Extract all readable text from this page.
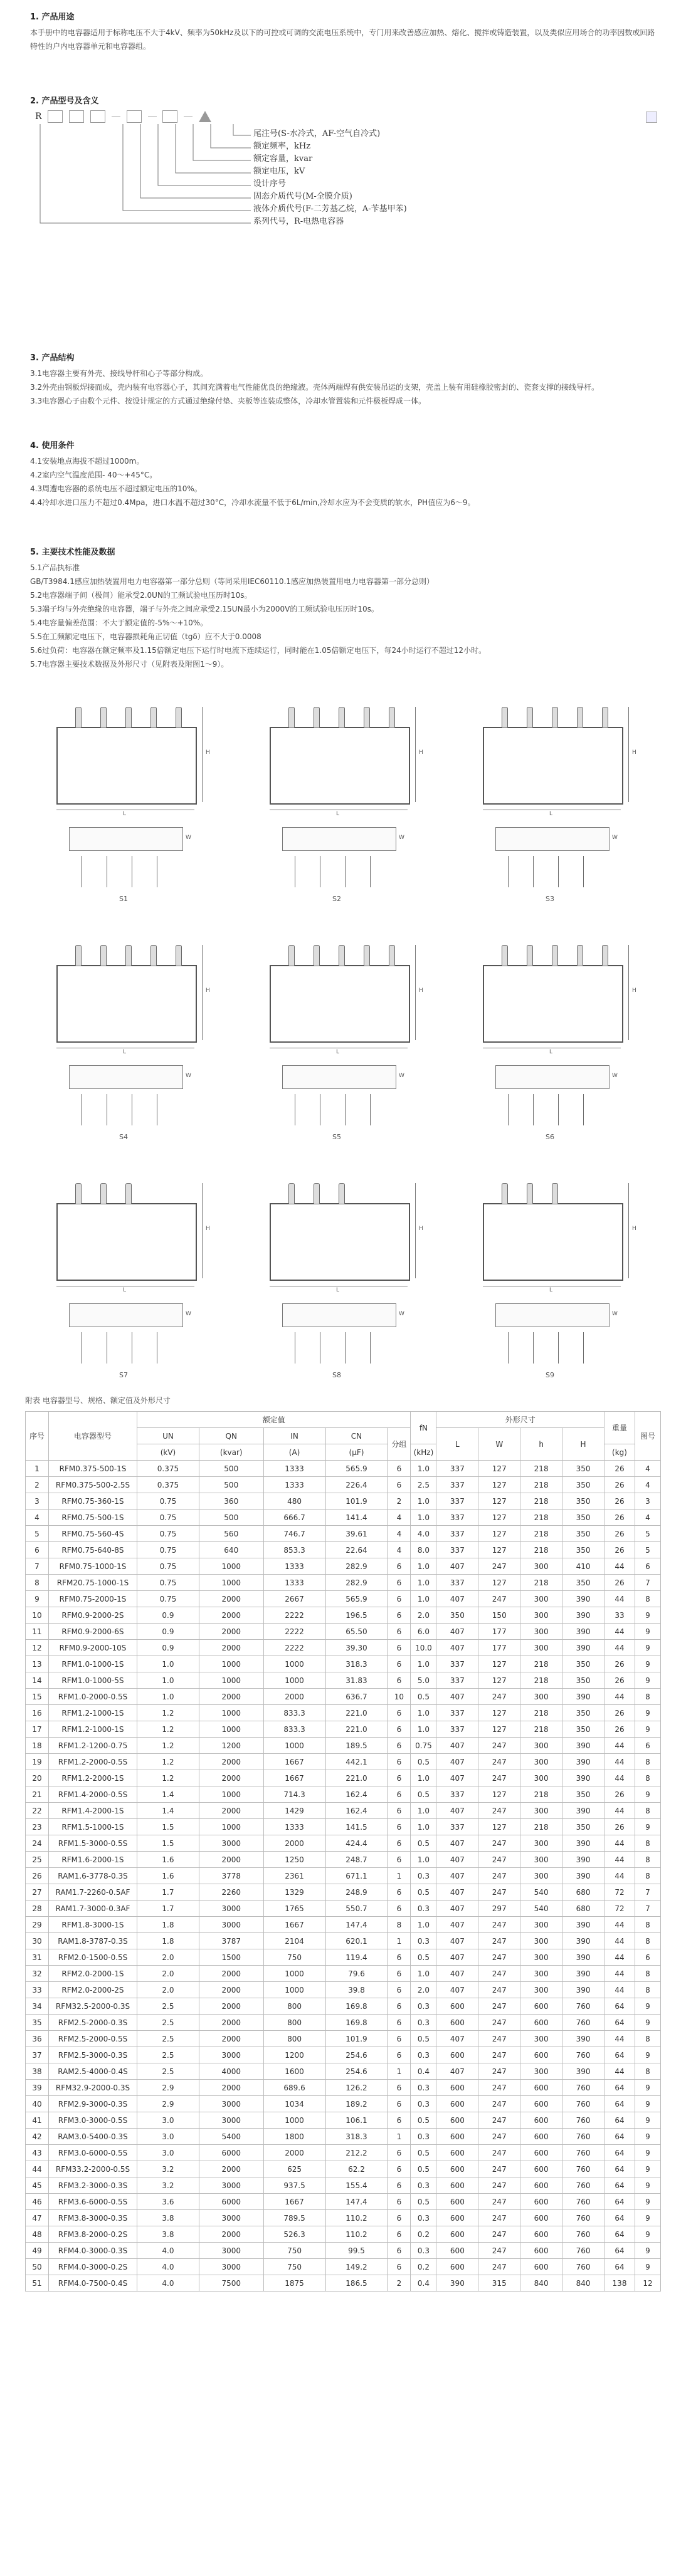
1. 产品用途

本手册中的电容器适用于标称电压不大于4kV、频率为50kHz及以下的可控或可调的交流电压系统中，专门用来改善感应加热、熔化、搅拌或铸造装置，以及类似应用场合的功率因数或回路特性的户内电容器单元和电容器组。

2. 产品型号及含义

R
尾注号(S-水冷式，AF-空气自冷式)
额定频率，kHz
额定容量，kvar
额定电压，kV
设计序号
固态介质代号(M-全膜介质)
液体介质代号(F-二芳基乙烷，A-苄基甲苯)
系列代号，R-电热电容器

3. 产品结构

3.1电容器主要有外壳、接线导杆和心子等部分构成。

3.2外壳由钢板焊接而成，壳内装有电容器心子，其间充满着电气性能优良的绝缘液。壳体两端焊有供安装吊运的支架，壳盖上装有用硅橡胶密封的、瓷套支撑的接线导杆。

3.3电容器心子由数个元件、按设计规定的方式通过绝缘付垫、夹板等连装成整体，冷却水管置装和元件极板焊成一体。

4. 使用条件

4.1安装地点海拔不超过1000m。

4.2室内空气温度范围- 40～+45°C。

4.3周遭电容器的系统电压不超过额定电压的10%。

4.4冷却水进口压力不超过0.4Mpa，进口水温不超过30°C，冷却水流量不低于6L/min,冷却水应为不会变质的软水，PH值应为6～9。

5. 主要技术性能及数据

5.1产品执标准

GB/T3984.1感应加热装置用电力电容器第一部分总则（等同采用IEC60110.1感应加热装置用电力电容器第一部分总则）

5.2电容器端子间（极间）能承受2.0UN的工频试验电压历时10s。

5.3端子均与外壳绝缘的电容器，端子与外壳之间应承受2.15UN最小为2000V的工频试验电压历时10s。

5.4电容量偏差范围：不大于额定值的-5%～+10%。

5.5在工频额定电压下，电容器损耗角正切值（tgδ）应不大于0.0008

5.6过负荷：电容器在额定频率及1.15倍额定电压下运行时电流下连续运行，同时能在1.05倍额定电压下，每24小时运行不超过12小时。

5.7电容器主要技术数据及外形尺寸（见附表及附图1～9）。

L
H
W
S1
L
H
W
S2
L
H
W
S3
L
H
W
S4
L
H
W
S5
L
H
W
S6
L
H
W
S7
L
H
W
S8
L
H
W
S9
附表 电容器型号、规格、额定值及外形尺寸
序号	电容器型号	额定值					fN	外形尺寸				重量	图号
		UN	QN	IN	CN	分组		L	W	h	H		
		(kV)	(kvar)	(A)	(μF)		(kHz)					(kg)	
1	RFM0.375-500-1S	0.375	500	1333	565.9	6	1.0	337	127	218	350	26	4
2	RFM0.375-500-2.5S	0.375	500	1333	226.4	6	2.5	337	127	218	350	26	4
3	RFM0.75-360-1S	0.75	360	480	101.9	2	1.0	337	127	218	350	26	3
4	RFM0.75-500-1S	0.75	500	666.7	141.4	4	1.0	337	127	218	350	26	4
5	RFM0.75-560-4S	0.75	560	746.7	39.61	4	4.0	337	127	218	350	26	5
6	RFM0.75-640-8S	0.75	640	853.3	22.64	4	8.0	337	127	218	350	26	5
7	RFM0.75-1000-1S	0.75	1000	1333	282.9	6	1.0	407	247	300	410	44	6
8	RFM20.75-1000-1S	0.75	1000	1333	282.9	6	1.0	337	127	218	350	26	7
9	RFM0.75-2000-1S	0.75	2000	2667	565.9	6	1.0	407	247	300	390	44	8
10	RFM0.9-2000-2S	0.9	2000	2222	196.5	6	2.0	350	150	300	390	33	9
11	RFM0.9-2000-6S	0.9	2000	2222	65.50	6	6.0	407	177	300	390	44	9
12	RFM0.9-2000-10S	0.9	2000	2222	39.30	6	10.0	407	177	300	390	44	9
13	RFM1.0-1000-1S	1.0	1000	1000	318.3	6	1.0	337	127	218	350	26	9
14	RFM1.0-1000-5S	1.0	1000	1000	31.83	6	5.0	337	127	218	350	26	9
15	RFM1.0-2000-0.5S	1.0	2000	2000	636.7	10	0.5	407	247	300	390	44	8
16	RFM1.2-1000-1S	1.2	1000	833.3	221.0	6	1.0	337	127	218	350	26	9
17	RFM1.2-1000-1S	1.2	1000	833.3	221.0	6	1.0	337	127	218	350	26	9
18	RFM1.2-1200-0.75	1.2	1200	1000	189.5	6	0.75	407	247	300	390	44	6
19	RFM1.2-2000-0.5S	1.2	2000	1667	442.1	6	0.5	407	247	300	390	44	8
20	RFM1.2-2000-1S	1.2	2000	1667	221.0	6	1.0	407	247	300	390	44	8
21	RFM1.4-2000-0.5S	1.4	1000	714.3	162.4	6	0.5	337	127	218	350	26	9
22	RFM1.4-2000-1S	1.4	2000	1429	162.4	6	1.0	407	247	300	390	44	8
23	RFM1.5-1000-1S	1.5	1000	1333	141.5	6	1.0	337	127	218	350	26	9
24	RFM1.5-3000-0.5S	1.5	3000	2000	424.4	6	0.5	407	247	300	390	44	8
25	RFM1.6-2000-1S	1.6	2000	1250	248.7	6	1.0	407	247	300	390	44	8
26	RAM1.6-3778-0.3S	1.6	3778	2361	671.1	1	0.3	407	247	300	390	44	8
27	RAM1.7-2260-0.5AF	1.7	2260	1329	248.9	6	0.5	407	247	540	680	72	7
28	RAM1.7-3000-0.3AF	1.7	3000	1765	550.7	6	0.3	407	297	540	680	72	7
29	RFM1.8-3000-1S	1.8	3000	1667	147.4	8	1.0	407	247	300	390	44	8
30	RAM1.8-3787-0.3S	1.8	3787	2104	620.1	1	0.3	407	247	300	390	44	8
31	RFM2.0-1500-0.5S	2.0	1500	750	119.4	6	0.5	407	247	300	390	44	6
32	RFM2.0-2000-1S	2.0	2000	1000	79.6	6	1.0	407	247	300	390	44	8
33	RFM2.0-2000-2S	2.0	2000	1000	39.8	6	2.0	407	247	300	390	44	8
34	RFM32.5-2000-0.3S	2.5	2000	800	169.8	6	0.3	600	247	600	760	64	9
35	RFM2.5-2000-0.3S	2.5	2000	800	169.8	6	0.3	600	247	600	760	64	9
36	RFM2.5-2000-0.5S	2.5	2000	800	101.9	6	0.5	407	247	300	390	44	8
37	RFM2.5-3000-0.3S	2.5	3000	1200	254.6	6	0.3	600	247	600	760	64	9
38	RAM2.5-4000-0.4S	2.5	4000	1600	254.6	1	0.4	407	247	300	390	44	8
39	RFM32.9-2000-0.3S	2.9	2000	689.6	126.2	6	0.3	600	247	600	760	64	9
40	RFM2.9-3000-0.3S	2.9	3000	1034	189.2	6	0.3	600	247	600	760	64	9
41	RFM3.0-3000-0.5S	3.0	3000	1000	106.1	6	0.5	600	247	600	760	64	9
42	RAM3.0-5400-0.3S	3.0	5400	1800	318.3	1	0.3	600	247	600	760	64	9
43	RFM3.0-6000-0.5S	3.0	6000	2000	212.2	6	0.5	600	247	600	760	64	9
44	RFM33.2-2000-0.5S	3.2	2000	625	62.2	6	0.5	600	247	600	760	64	9
45	RFM3.2-3000-0.3S	3.2	3000	937.5	155.4	6	0.3	600	247	600	760	64	9
46	RFM3.6-6000-0.5S	3.6	6000	1667	147.4	6	0.5	600	247	600	760	64	9
47	RFM3.8-3000-0.3S	3.8	3000	789.5	110.2	6	0.3	600	247	600	760	64	9
48	RFM3.8-2000-0.2S	3.8	2000	526.3	110.2	6	0.2	600	247	600	760	64	9
49	RFM4.0-3000-0.3S	4.0	3000	750	99.5	6	0.3	600	247	600	760	64	9
50	RFM4.0-3000-0.2S	4.0	3000	750	149.2	6	0.2	600	247	600	760	64	9
51	RFM4.0-7500-0.4S	4.0	7500	1875	186.5	2	0.4	390	315	840	840	138	12
